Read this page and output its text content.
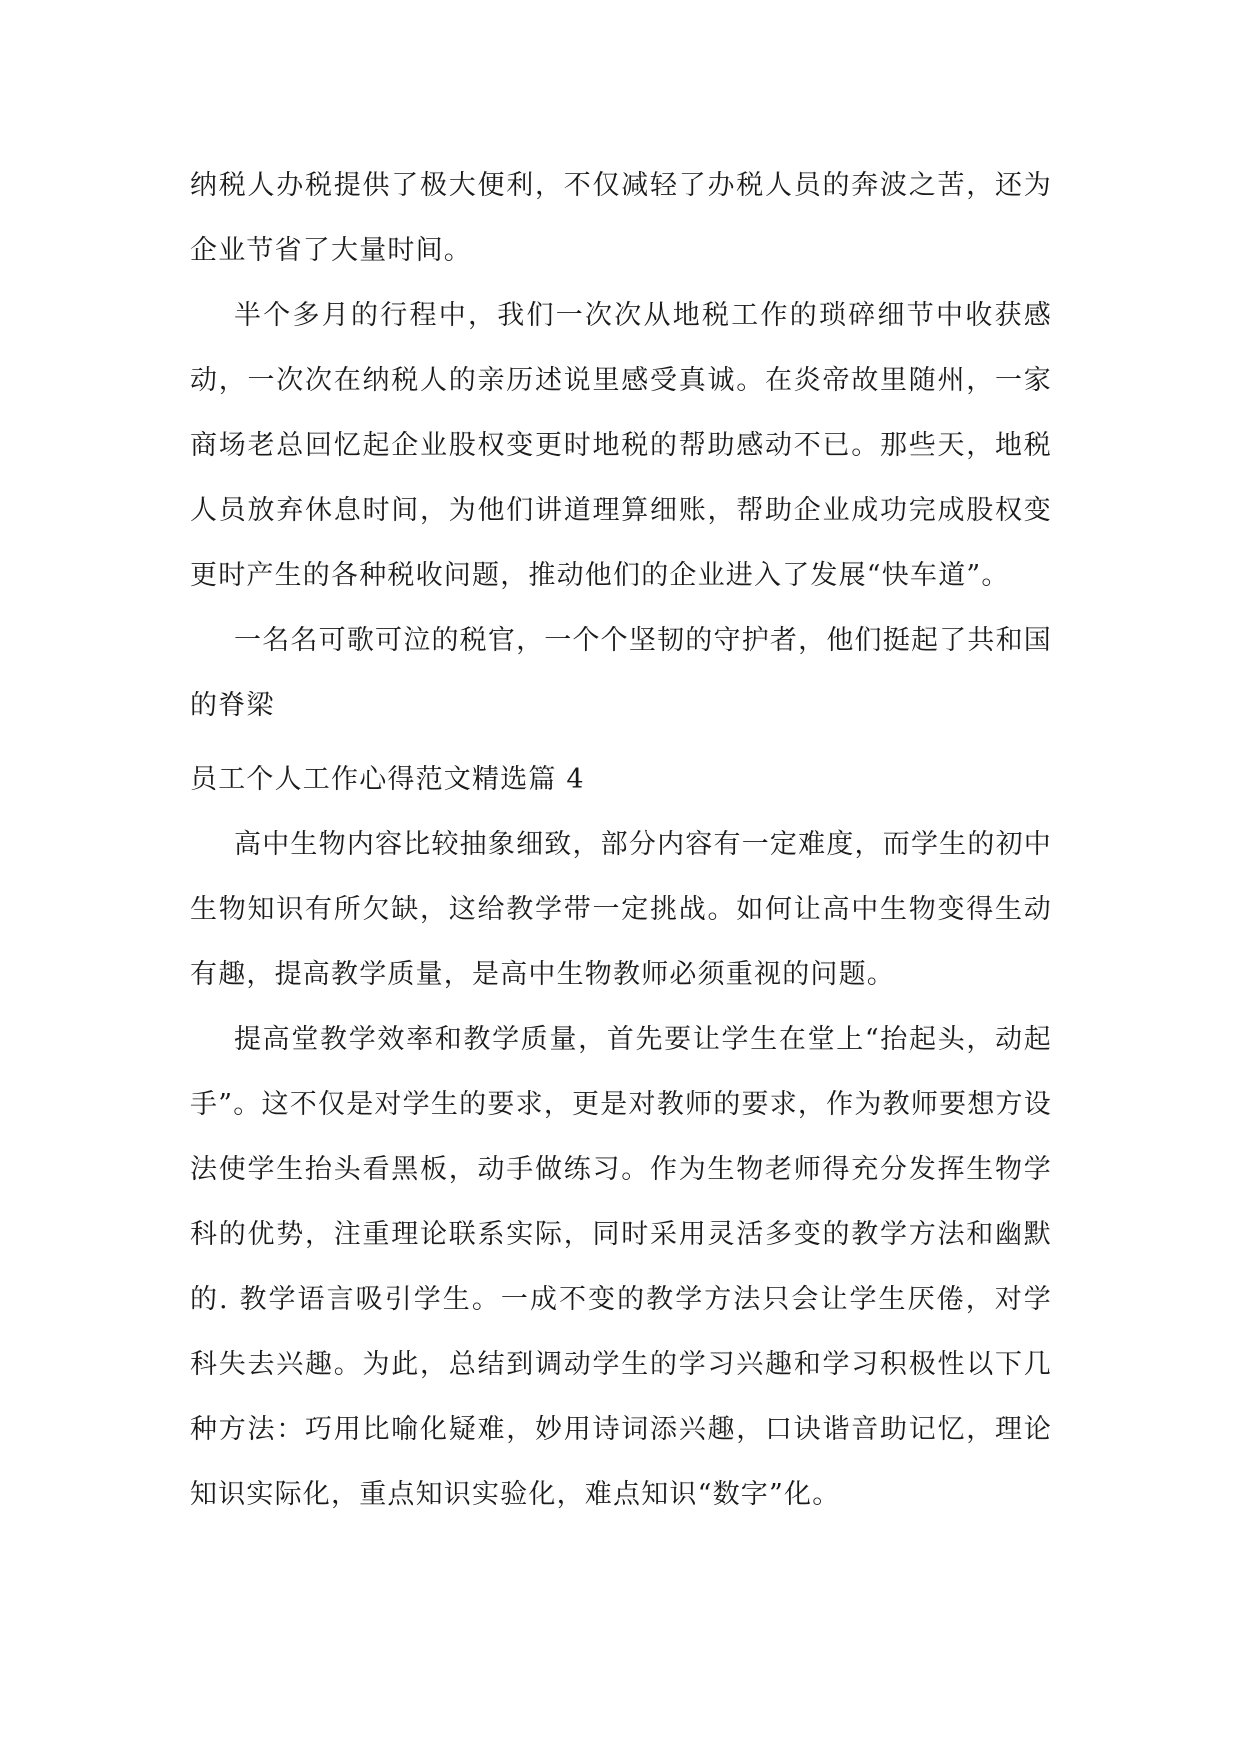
纳税人办税提供了极大便利，不仅减轻了办税人员的奔波之苦，还为企业节省了大量时间。

半个多月的行程中，我们一次次从地税工作的琐碎细节中收获感动，一次次在纳税人的亲历述说里感受真诚。在炎帝故里随州，一家商场老总回忆起企业股权变更时地税的帮助感动不已。那些天，地税人员放弃休息时间，为他们讲道理算细账，帮助企业成功完成股权变更时产生的各种税收问题，推动他们的企业进入了发展“快车道”。

一名名可歌可泣的税官，一个个坚韧的守护者，他们挺起了共和国的脊梁

员工个人工作心得范文精选篇 4

高中生物内容比较抽象细致，部分内容有一定难度，而学生的初中生物知识有所欠缺，这给教学带一定挑战。如何让高中生物变得生动有趣，提高教学质量，是高中生物教师必须重视的问题。

提高堂教学效率和教学质量，首先要让学生在堂上“抬起头，动起手”。这不仅是对学生的要求，更是对教师的要求，作为教师要想方设法使学生抬头看黑板，动手做练习。作为生物老师得充分发挥生物学科的优势，注重理论联系实际，同时采用灵活多变的教学方法和幽默的. 教学语言吸引学生。一成不变的教学方法只会让学生厌倦，对学科失去兴趣。为此，总结到调动学生的学习兴趣和学习积极性以下几种方法：巧用比喻化疑难，妙用诗词添兴趣，口诀谐音助记忆，理论知识实际化，重点知识实验化，难点知识“数字”化。
